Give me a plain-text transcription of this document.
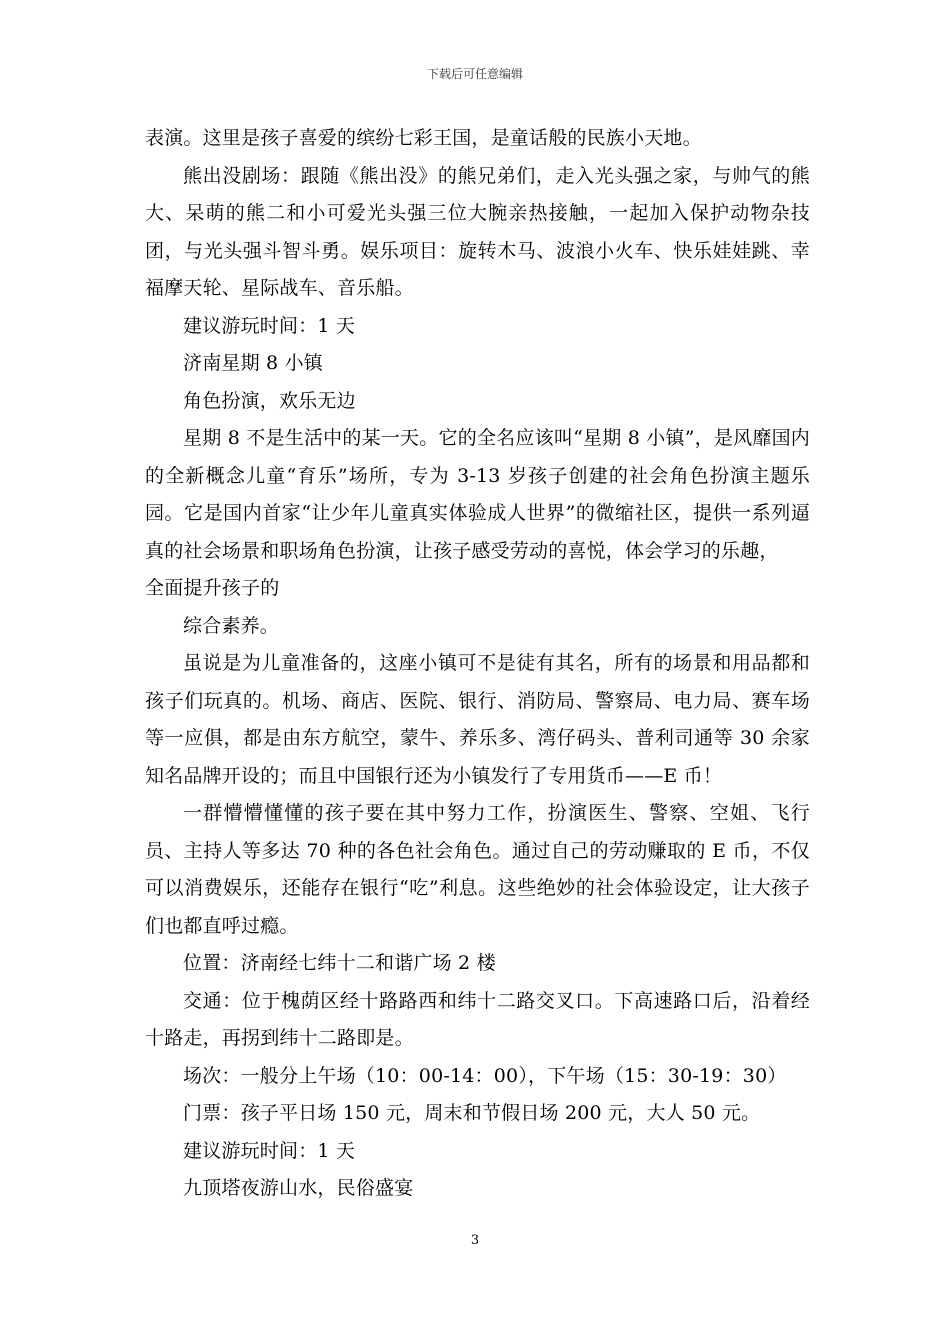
下载后可任意编辑

表演。这里是孩子喜爱的缤纷七彩王国，是童话般的民族小天地。

熊出没剧场：跟随《熊出没》的熊兄弟们，走入光头强之家，与帅气的熊大、呆萌的熊二和小可爱光头强三位大腕亲热接触，一起加入保护动物杂技团，与光头强斗智斗勇。娱乐项目：旋转木马、波浪小火车、快乐娃娃跳、幸福摩天轮、星际战车、音乐船。

建议游玩时间：1 天

济南星期 8 小镇

角色扮演，欢乐无边

星期 8 不是生活中的某一天。它的全名应该叫“星期 8 小镇”，是风靡国内的全新概念儿童“育乐”场所，专为 3-13 岁孩子创建的社会角色扮演主题乐园。它是国内首家“让少年儿童真实体验成人世界”的微缩社区，提供一系列逼真的社会场景和职场角色扮演，让孩子感受劳动的喜悦，体会学习的乐趣，

全面提升孩子的

综合素养。

虽说是为儿童准备的，这座小镇可不是徒有其名，所有的场景和用品都和孩子们玩真的。机场、商店、医院、银行、消防局、警察局、电力局、赛车场等一应俱，都是由东方航空，蒙牛、养乐多、湾仔码头、普利司通等 30 余家知名品牌开设的；而且中国银行还为小镇发行了专用货币——E 币！

一群懵懵懂懂的孩子要在其中努力工作，扮演医生、警察、空姐、飞行员、主持人等多达 70 种的各色社会角色。通过自己的劳动赚取的 E 币，不仅可以消费娱乐，还能存在银行“吃”利息。这些绝妙的社会体验设定，让大孩子们也都直呼过瘾。

位置：济南经七纬十二和谐广场 2 楼

交通：位于槐荫区经十路路西和纬十二路交叉口。下高速路口后，沿着经十路走，再拐到纬十二路即是。

场次：一般分上午场（10：00-14：00），下午场（15：30-19：30）

门票：孩子平日场 150 元，周末和节假日场 200 元，大人 50 元。

建议游玩时间：1 天

九顶塔夜游山水，民俗盛宴

3
